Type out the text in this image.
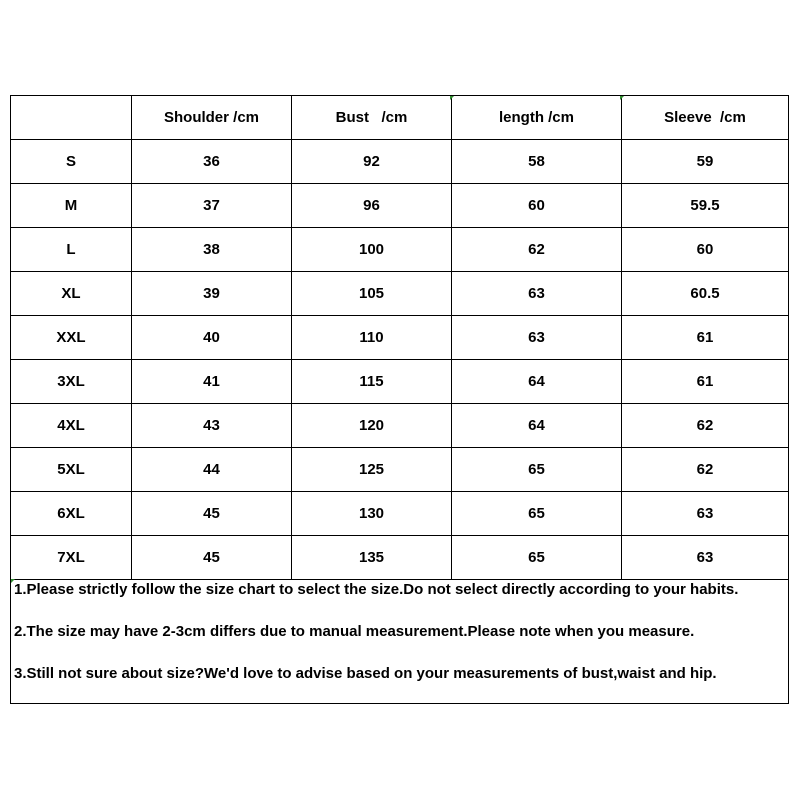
	Shoulder /cm	Bust   /cm	length /cm	Sleeve  /cm
S	36	92	58	59
M	37	96	60	59.5
L	38	100	62	60
XL	39	105	63	60.5
XXL	40	110	63	61
3XL	41	115	64	61
4XL	43	120	64	62
5XL	44	125	65	62
6XL	45	130	65	63
7XL	45	135	65	63
1.Please strictly follow the size chart to select the size.Do not select directly according to your habits.
2.The size may have 2-3cm differs due to manual measurement.Please note when you measure.
3.Still not sure about size?We'd love to advise based on your measurements of bust,waist and hip.
